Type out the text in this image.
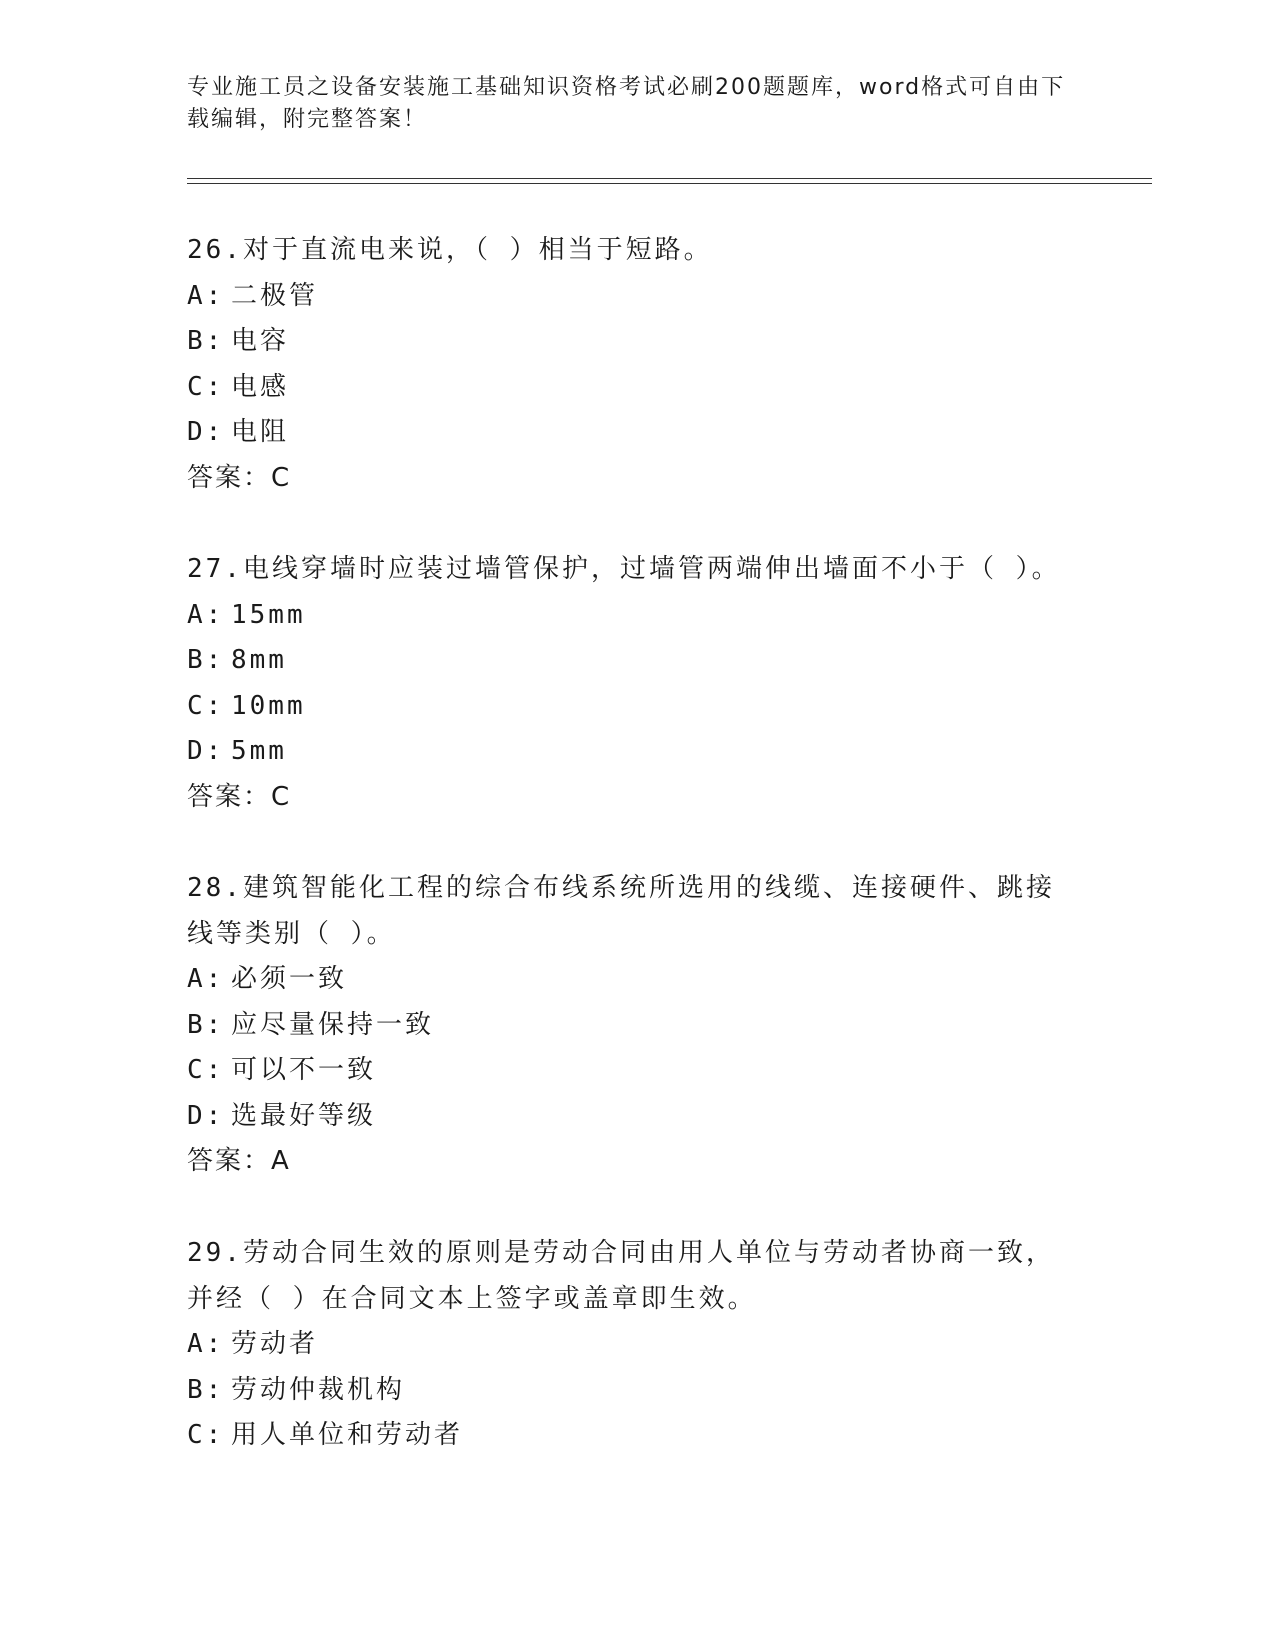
专业施工员之设备安装施工基础知识资格考试必刷200题题库，word格式可自由下载编辑，附完整答案！
26.对于直流电来说，（ ）相当于短路。
A: 二极管
B: 电容
C: 电感
D: 电阻
答案：C
27.电线穿墙时应装过墙管保护，过墙管两端伸出墙面不小于（ ）。
A: 15mm
B: 8mm
C: 10mm
D: 5mm
答案：C
28.建筑智能化工程的综合布线系统所选用的线缆、连接硬件、跳接线等类别（ ）。
A: 必须一致
B: 应尽量保持一致
C: 可以不一致
D: 选最好等级
答案：A
29.劳动合同生效的原则是劳动合同由用人单位与劳动者协商一致，并经（ ）在合同文本上签字或盖章即生效。
A: 劳动者
B: 劳动仲裁机构
C: 用人单位和劳动者
